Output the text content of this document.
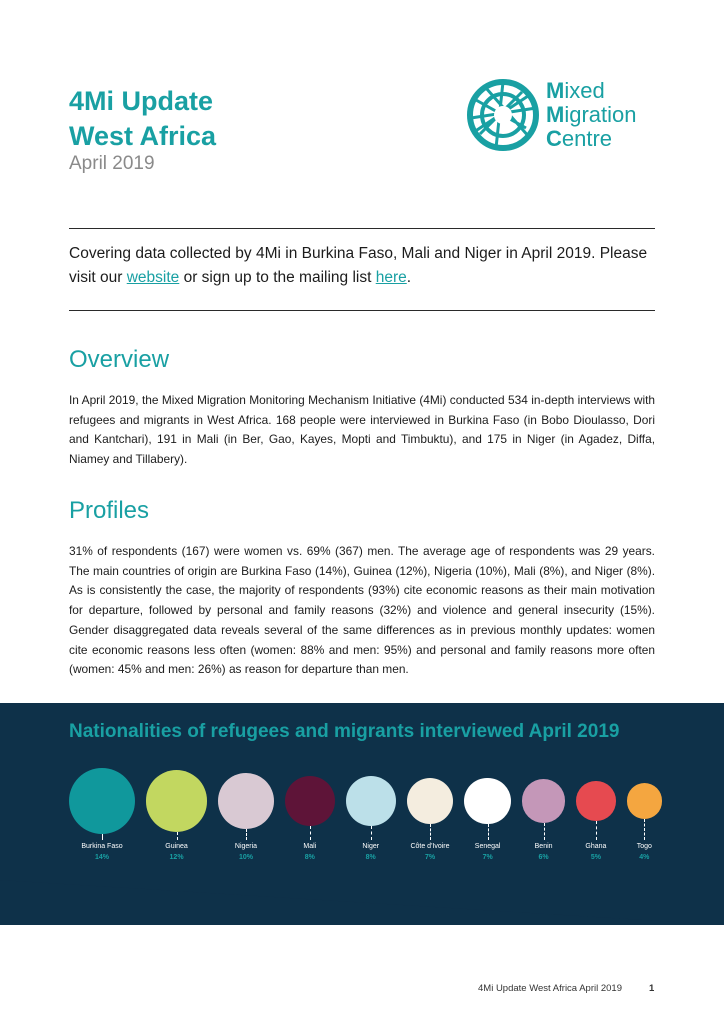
4Mi Update
West Africa
April 2019
Mixed
Migration
Centre
Covering data collected by 4Mi in Burkina Faso, Mali and Niger in April 2019. Please visit our website or sign up to the mailing list here.
Overview
In April 2019, the Mixed Migration Monitoring Mechanism Initiative (4Mi) conducted 534 in-depth interviews with refugees and migrants in West Africa. 168 people were interviewed in Burkina Faso (in Bobo Dioulasso, Dori and Kantchari), 191 in Mali (in Ber, Gao, Kayes, Mopti and Timbuktu), and 175 in Niger (in Agadez, Diffa, Niamey and Tillabery).
Profiles
31% of respondents (167) were women vs. 69% (367) men. The average age of respondents was 29 years. The main countries of origin are Burkina Faso (14%), Guinea (12%), Nigeria (10%), Mali (8%), and Niger (8%). As is consistently the case, the majority of respondents (93%) cite economic reasons as their main motivation for departure, followed by personal and family reasons (32%) and violence and general insecurity (15%). Gender disaggregated data reveals several of the same differences as in previous monthly updates: women cite economic reasons less often (women: 88% and men: 95%) and personal and family reasons more often (women: 45% and men: 26%) as reason for departure than men.
Nationalities of refugees and migrants interviewed April 2019
Burkina Faso
14%
Guinea
12%
Nigeria
10%
Mali
8%
Niger
8%
Côte d'Ivoire
7%
Senegal
7%
Benin
6%
Ghana
5%
Togo
4%
4Mi Update West Africa April 2019	1
